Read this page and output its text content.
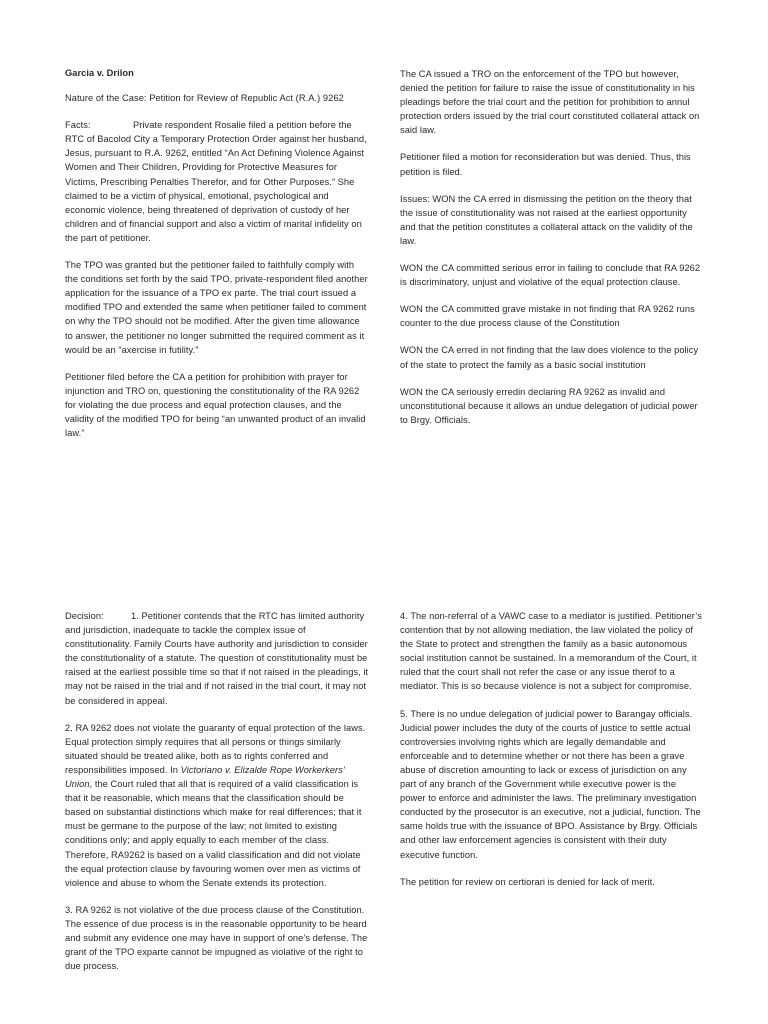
Garcia v. Drilon

Nature of the Case: Petition for Review of Republic Act (R.A.) 9262

Facts:	Private respondent Rosalie filed a petition before the RTC of Bacolod City a Temporary Protection Order against her husband, Jesus, pursuant to R.A. 9262, entitled “An Act Defining Violence Against Women and Their Children, Providing for Protective Measures for Victims, Prescribing Penalties Therefor, and for Other Purposes.” She claimed to be a victim of physical, emotional, psychological and economic violence, being threatened of deprivation of custody of her children and of financial support and also a victim of marital infidelity on the part of petitioner.

The TPO was granted but the petitioner failed to faithfully comply with the conditions set forth by the said TPO, private-respondent filed another application for the issuance of a TPO ex parte. The trial court issued a modified TPO and extended the same when petitioner failed to comment on why the TPO should not be modified. After the given time allowance to answer, the petitioner no longer submitted the required comment as it would be an “axercise in futility.”

Petitioner filed before the CA a petition for prohibition with prayer for injunction and TRO on, questioning the constitutionality of the RA 9262 for violating the due process and equal protection clauses, and the validity of the modified TPO for being “an unwanted product of an invalid law.”

The CA issued a TRO on the enforcement of the TPO but however, denied the petition for failure to raise the issue of constitutionality in his pleadings before the trial court and the petition for prohibition to annul protection orders issued by the trial court constituted collateral attack on said law.

Petitioner filed a motion for reconsideration but was denied. Thus, this petition is filed.

Issues: WON the CA erred in dismissing the petition on the theory that the issue of constitutionality was not raised at the earliest opportunity and that the petition constitutes a collateral attack on the validity of the law.

WON the CA committed serious error in failing to conclude that RA 9262 is discriminatory, unjust and violative of the equal protection clause.

WON the CA committed grave mistake in not finding that RA 9262 runs counter to the due process clause of the Constitution

WON the CA erred in not finding that the law does violence to the policy of the state to protect the family as a basic social institution

WON the CA seriously erredin declaring RA 9262 as invalid and unconstitutional because it allows an undue delegation of judicial power to Brgy. Officials.

Decision:	1. Petitioner contends that the RTC has limited authority and jurisdiction, inadequate to tackle the complex issue of constitutionality. Family Courts have authority and jurisdiction to consider the constitutionality of a statute. The question of constitutionality must be raised at the earliest possible time so that if not raised in the pleadings, it may not be raised in the trial and if not raised in the trial court, it may not be considered in appeal.

2. RA 9262 does not violate the guaranty of equal protection of the laws. Equal protection simply requires that all persons or things similarly situated should be treated alike, both as to rights conferred and responsibilities imposed. In Victoriano v. Elizalde Rope Workerkers’ Union, the Court ruled that all that is required of a valid classification is that it be reasonable, which means that the classification should be based on substantial distinctions which make for real differences; that it must be germane to the purpose of the law; not limited to existing conditions only; and apply equally to each member of the class. Therefore, RA9262 is based on a valid classification and did not violate the equal protection clause by favouring women over men as victims of violence and abuse to whom the Senate extends its protection.

3. RA 9262 is not violative of the due process clause of the Constitution. The essence of due process is in the reasonable opportunity to be heard and submit any evidence one may have in support of one’s defense. The grant of the TPO exparte cannot be impugned as violative of the right to due process.

4. The non-referral of a VAWC case to a mediator is justified. Petitioner’s contention that by not allowing mediation, the law violated the policy of the State to protect and strengthen the family as a basic autonomous social institution cannot be sustained. In a memorandum of the Court, it ruled that the court shall not refer the case or any issue therof to a mediator. This is so because violence is not a subject for compromise.

5. There is no undue delegation of judicial power to Barangay officials. Judicial power includes the duty of the courts of justice to settle actual controversies involving rights which are legally demandable and enforceable and to determine whether or not there has been a grave abuse of discretion amounting to lack or excess of jurisdiction on any part of any branch of the Government while executive power is the power to enforce and administer the laws. The preliminary investigation conducted by the prosecutor is an executive, not a judicial, function. The same holds true with the issuance of BPO. Assistance by Brgy. Officials and other law enforcement agencies is consistent with their duty executive function.

The petition for review on certiorari is denied for lack of merit.
